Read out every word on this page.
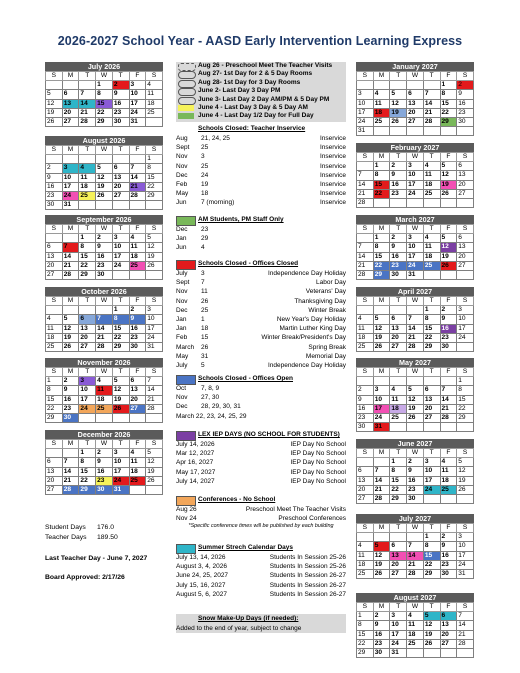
2026-2027 School Year - AASD Early Intervention Learning Express
July 2026
S	M	T	W	T	F	S
			1	2	3	4
5	6	7	8	9	10	11
12	13	14	15	16	17	18
19	20	21	22	23	24	25
26	27	28	29	30	31	
August 2026
S	M	T	W	T	F	S
						1
2	3	4	5	6	7	8
9	10	11	12	13	14	15
16	17	18	19	20	21	22
23	24	25	26	27	28	29
30	31					
September 2026
S	M	T	W	T	F	S
		1	2	3	4	5
6	7	8	9	10	11	12
13	14	15	16	17	18	19
20	21	22	23	24	25	26
27	28	29	30			
October 2026
S	M	T	W	T	F	S
				1	2	3
4	5	6	7	8	9	10
11	12	13	14	15	16	17
18	19	20	21	22	23	24
25	26	27	28	29	30	31
November 2026
S	M	T	W	T	F	S
1	2	3	4	5	6	7
8	9	10	11	12	13	14
15	16	17	18	19	20	21
22	23	24	25	26	27	28
29	30					
December 2026
S	M	T	W	T	F	S
		1	2	3	4	5
6	7	8	9	10	11	12
13	14	15	16	17	18	19
20	21	22	23	24	25	26
27	28	29	30	31		
January 2027
S	M	T	W	T	F	S
					1	2
3	4	5	6	7	8	9
10	11	12	13	14	15	16
17	18	19	20	21	22	23
24	25	26	27	28	29	30
31						
February 2027
S	M	T	W	T	F	S
	1	2	3	4	5	6
7	8	9	10	11	12	13
14	15	16	17	18	19	20
21	22	23	24	25	26	27
28						
March 2027
S	M	T	W	T	F	S
	1	2	3	4	5	6
7	8	9	10	11	12	13
14	15	16	17	18	19	20
21	22	23	24	25	26	27
28	29	30	31			
April 2027
S	M	T	W	T	F	S
				1	2	3
4	5	6	7	8	9	10
11	12	13	14	15	16	17
18	19	20	21	22	23	24
25	26	27	28	29	30	
May 2027
S	M	T	W	T	F	S
						1
2	3	4	5	6	7	8
9	10	11	12	13	14	15
16	17	18	19	20	21	22
23	24	25	26	27	28	29
30	31					
June 2027
S	M	T	W	T	F	S
		1	2	3	4	5
6	7	8	9	10	11	12
13	14	15	16	17	18	19
20	21	22	23	24	25	26
27	28	29	30			
July 2027
S	M	T	W	T	F	S
				1	2	3
4	5	6	7	8	9	10
11	12	13	14	15	16	17
18	19	20	21	22	23	24
25	26	27	28	29	30	31
August 2027
S	M	T	W	T	F	S
1	2	3	4	5	6	7
8	9	10	11	12	13	14
15	16	17	18	19	20	21
22	23	24	25	26	27	28
29	30	31				
Aug 26 - Preschool Meet The Teacher Visits
Aug 27- 1st Day for 2 & 5 Day Rooms
Aug 28- 1st Day for 3 Day Rooms
June 2- Last Day 3 Day PM
June 3- Last Day 2 Day AM/PM & 5 Day PM
June 4 - Last Day 3 Day & 5 Day AM
June 4 - Last Day 1/2 Day for Full Day
Schools Closed: Teacher Inservice
Aug 21, 24, 25	Inservice
Sept 25	Inservice
Nov 3	Inservice
Nov 25	Inservice
Dec 24	Inservice
Feb 19	Inservice
May 18	Inservice
Jun 7 (morning)	Inservice
AM Students, PM Staff Only
Dec 23
Jan 29
Jun 4
Schools Closed - Offices Closed
July 3	Independence Day Holiday
Sept 7	Labor Day
Nov 11	Veterans' Day
Nov 26	Thanksgiving Day
Dec 25	Winter Break
Jan 1	New Year's Day Holiday
Jan 18	Martin Luther King Day
Feb 15	Winter Break/President's Day
March 26	Spring Break
May 31	Memorial Day
July 5	Independence Day Holiday
Schools Closed - Offices Open
Oct 7, 8, 9
Nov 27, 30
Dec 28, 29, 30, 31
March 22, 23, 24, 25, 29
LEX IEP DAYS (NO SCHOOL FOR STUDENTS)
July 14, 2026	IEP Day No School
Mar 12, 2027	IEP Day No School
Apr 16, 2027	IEP Day No School
May 17, 2027	IEP Day No School
July 14, 2027	IEP Day No School
Conferences - No School
Aug 26	Preschool Meet The Teacher Visits
Nov 24	Preschool Conferences
*Specific conference times will be published by each building
Summer Strech Calendar Days
July 13, 14, 2026	Students In Session 25-26
August 3, 4, 2026	Students In Session 25-26
June 24, 25, 2027	Students In Session 26-27
July 15, 16, 2027	Students In Session 26-27
August 5, 6, 2027	Students In Session 26-27
Snow Make-Up Days (if needed):
Added to the end of year, subject to change
Student Days 176.0
Teacher Days 189.50
Last Teacher Day - June 7, 2027
Board Approved: 2/17/26
